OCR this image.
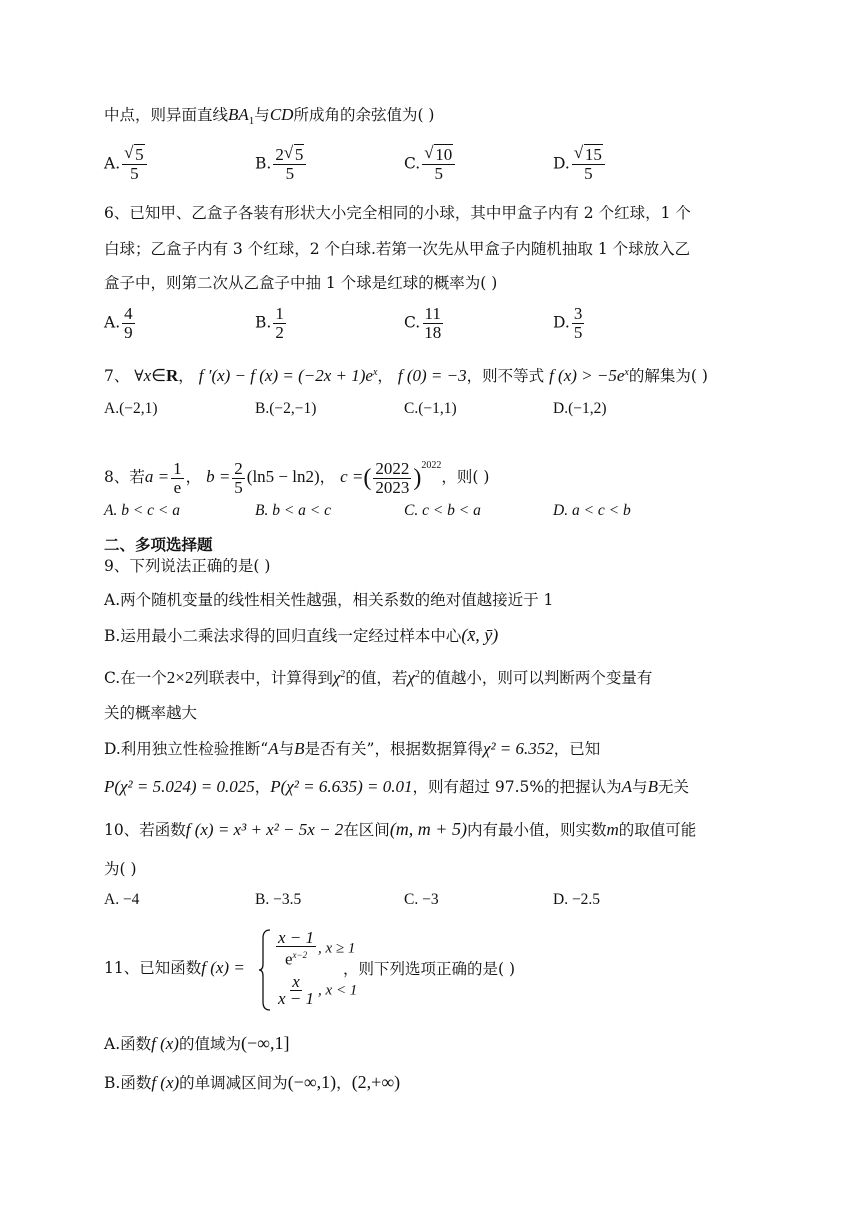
中点，则异面直线$BA_1$与CD所成角的余弦值为( )
A. √ $\frac{5}{5}$	B. $\frac{2 √ 5}{5}$	C. √ $\frac{10}{5}$	D. √ $\frac{15}{5}$
6、已知甲、乙盒子各装有形状大小完全相同的小球，其中甲盒子内有 2 个红球，1 个
白球；乙盒子内有 3 个红球，2 个白球.若第一次先从甲盒子内随机抽取 1 个球放入乙
盒子中，则第二次从乙盒子中抽 1 个球是红球的概率为( )
A. $\frac{4}{9}$	B. $\frac{1}{2}$	C. $\frac{11}{18}$	D. $\frac{3}{5}$
7、 ∀x∈R， f ′(x) − f $(x) = (-2x + 1)e^x$， f (0) = −3，则不等式 f $(x) > -5e^x$的解集为( )
A.(−2,1)	B.(−2,−1)	C.(−1,1)	D.(−1,2)
8、若$a = \frac{1}{e}$ ， $b = \frac{2}{5} (\ln 5 - \ln 2)$， c =( $\frac{2022}{2023} )^{2022}$，则( )
A. b < c < a	B. b < a < c	C. c < b < a	D. a < c < b
二、多项选择题
9、下列说法正确的是( )
A.两个随机变量的线性相关性越强，相关系数的绝对值越接近于 1
B.运用最小二乘法求得的回归直线一定经过样本中心(x̄, ȳ)
C.在一个2×2列联表中，计算得到$\chi^2$的值，若$\chi^2$的值越小，则可以判断两个变量有
关的概率越大
D.利用独立性检验推断“A与B是否有关”，根据数据算得χ² = 6.352，已知
P(χ² = 5.024) = 0.025，P(χ² = 6.635) = 0.01，则有超过 97.5%的把握认为A与B无关
10、若函数f (x) = x³ + x² − 5x − 2在区间(m, m + 5)内有最小值，则实数m的取值可能
为( )
A. −4	B. −3.5	C. −3	D. −2.5
11、已知函数f $(x) = \frac{x - 1}{e^{x-2}}$ , x ≥ 1
$\frac{x}{x - 1}$ , x < 1
，则下列选项正确的是( )
A.函数f (x)的值域为(−∞,1]
B.函数f (x)的单调减区间为(−∞,1)，(2,+∞)
